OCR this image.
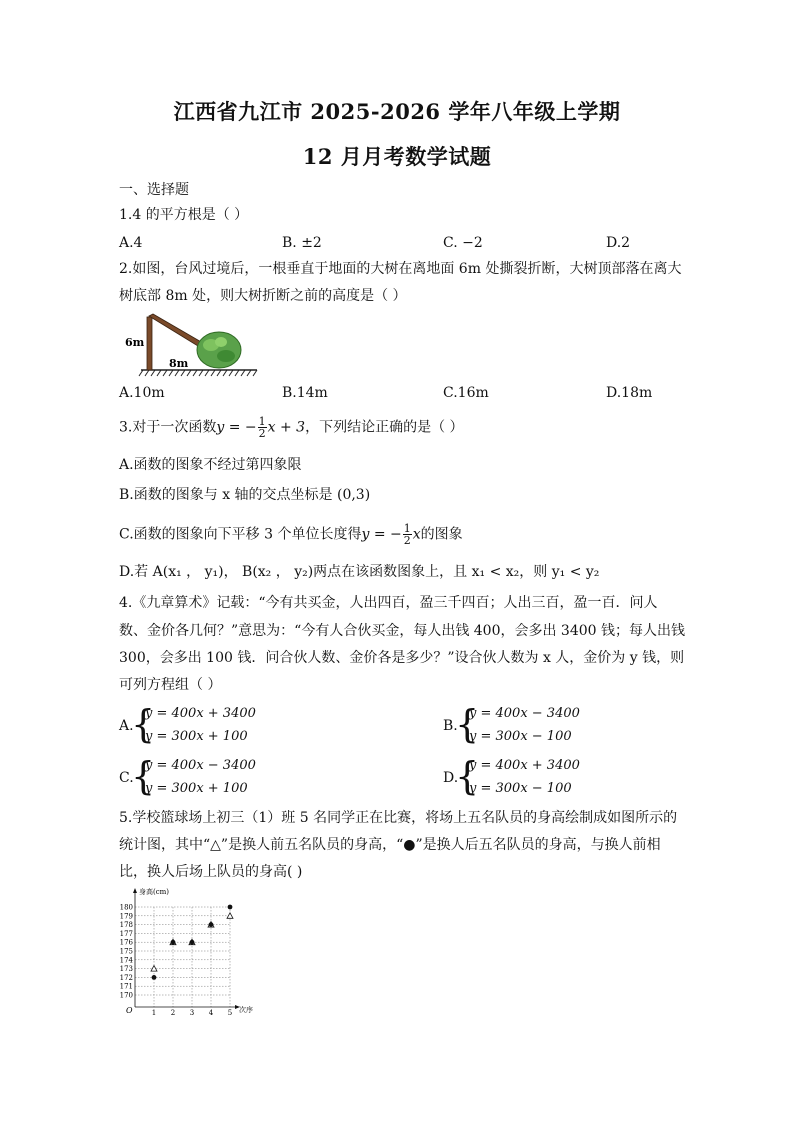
江西省九江市 2025-2026 学年八年级上学期
12 月月考数学试题
一、选择题
1.4 的平方根是（ ）
A.4	B. ±2	C. −2	D.2
2.如图，台风过境后，一根垂直于地面的大树在离地面 6m 处撕裂折断，大树顶部落在离大
树底部 8m 处，则大树折断之前的高度是（ ）
6m
8m
A.10m	B.14m	C.16m	D.18m
3.对于一次函数y = − $\frac{1}{2}$ x + 3，下列结论正确的是（ ）
A.函数的图象不经过第四象限
B.函数的图象与 x 轴的交点坐标是 (0,3)
C.函数的图象向下平移 3 个单位长度得y = − $\frac{1}{2}$ x的图象
D.若 A(x₁ ， y₁)， B(x₂ ， y₂)两点在该函数图象上，且 x₁ < x₂，则 y₁ < y₂
4.《九章算术》记载：“今有共买金，人出四百，盈三千四百；人出三百，盈一百．问人
数、金价各几何？”意思为：“今有人合伙买金，每人出钱 400，会多出 3400 钱；每人出钱
300，会多出 100 钱．问合伙人数、金价各是多少？”设合伙人数为 x 人，金价为 y 钱，则
可列方程组（ ）
A.
{
y = 400x + 3400
y = 300x + 100
B.
{
y = 400x − 3400
y = 300x − 100
C.
{
y = 400x − 3400
y = 300x + 100
D.
{
y = 400x + 3400
y = 300x − 100
5.学校篮球场上初三（1）班 5 名同学正在比赛，将场上五名队员的身高绘制成如图所示的
统计图，其中“△”是换人前五名队员的身高，“●”是换人后五名队员的身高，与换人前相
比，换人后场上队员的身高( )
170
171
172
173
174
175
176
177
178
179
180
1 2 3 4 5
身高(cm)
次序
O
